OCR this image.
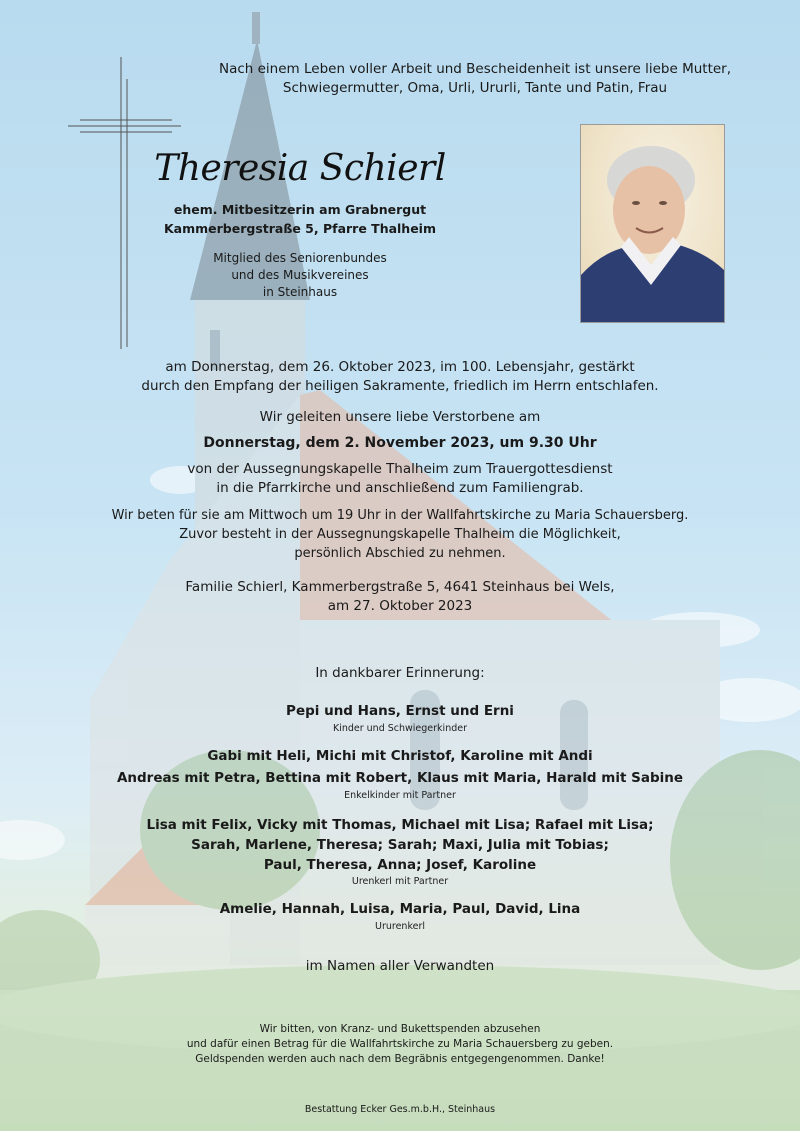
Nach einem Leben voller Arbeit und Bescheidenheit ist unsere liebe Mutter,
Schwiegermutter, Oma, Urli, Ururli, Tante und Patin, Frau
Theresia Schierl
ehem. Mitbesitzerin am Grabnergut
Kammerbergstraße 5, Pfarre Thalheim
Mitglied des Seniorenbundes
und des Musikvereines
in Steinhaus
am Donnerstag, dem 26. Oktober 2023, im 100. Lebensjahr, gestärkt
durch den Empfang der heiligen Sakramente, friedlich im Herrn entschlafen.
Wir geleiten unsere liebe Verstorbene am
Donnerstag, dem 2. November 2023, um 9.30 Uhr
von der Aussegnungskapelle Thalheim zum Trauergottesdienst
in die Pfarrkirche und anschließend zum Familiengrab.
Wir beten für sie am Mittwoch um 19 Uhr in der Wallfahrtskirche zu Maria Schauersberg.
Zuvor besteht in der Aussegnungskapelle Thalheim die Möglichkeit,
persönlich Abschied zu nehmen.
Familie Schierl, Kammerbergstraße 5, 4641 Steinhaus bei Wels,
am 27. Oktober 2023
In dankbarer Erinnerung:
Pepi und Hans, Ernst und Erni
Kinder und Schwiegerkinder
Gabi mit Heli, Michi mit Christof, Karoline mit Andi
Andreas mit Petra, Bettina mit Robert, Klaus mit Maria, Harald mit Sabine
Enkelkinder mit Partner
Lisa mit Felix, Vicky mit Thomas, Michael mit Lisa; Rafael mit Lisa;
Sarah, Marlene, Theresa; Sarah; Maxi, Julia mit Tobias;
Paul, Theresa, Anna; Josef, Karoline
Urenkerl mit Partner
Amelie, Hannah, Luisa, Maria, Paul, David, Lina
Ururenkerl
im Namen aller Verwandten
Wir bitten, von Kranz- und Bukettspenden abzusehen
und dafür einen Betrag für die Wallfahrtskirche zu Maria Schauersberg zu geben.
Geldspenden werden auch nach dem Begräbnis entgegengenommen. Danke!
Bestattung Ecker Ges.m.b.H., Steinhaus
